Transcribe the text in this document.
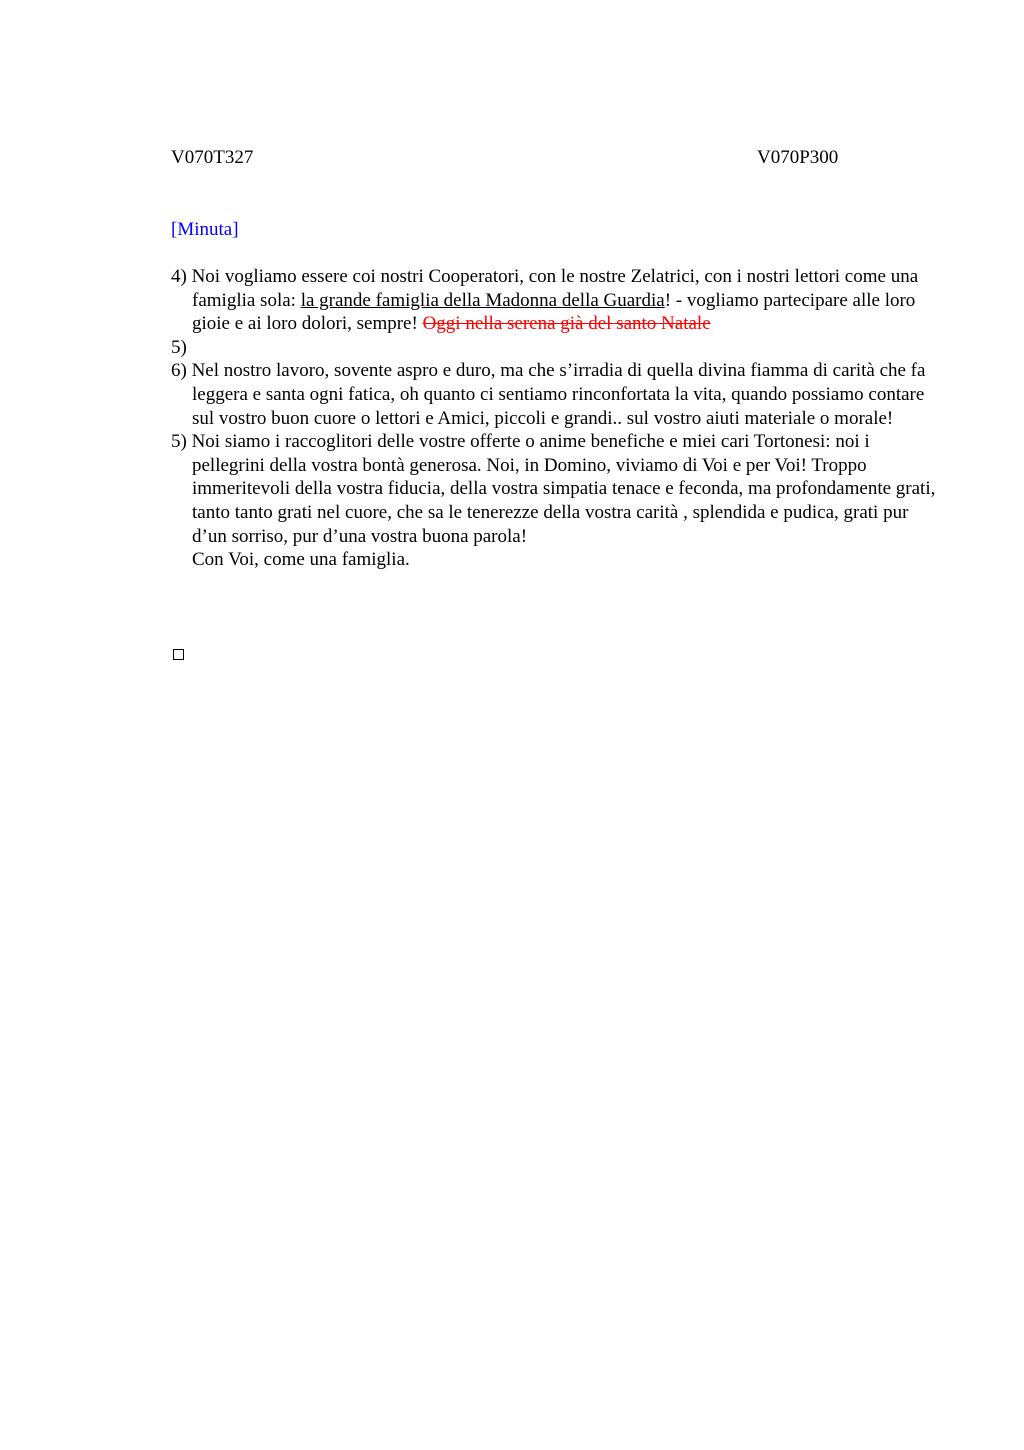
V070T327	V070P300
[Minuta]

4) Noi vogliamo essere coi nostri Cooperatori, con le nostre Zelatrici, con i nostri lettori come una famiglia sola: la grande famiglia della Madonna della Guardia! - vogliamo partecipare alle loro gioie e ai loro dolori, sempre! Oggi nella serena già del santo Natale

5)

6) Nel nostro lavoro, sovente aspro e duro, ma che s’irradia di quella divina fiamma di carità che fa leggera e santa ogni fatica, oh quanto ci sentiamo rinconfortata la vita, quando possiamo contare sul vostro buon cuore o lettori e Amici, piccoli e grandi.. sul vostro aiuti materiale o morale!

5) Noi siamo i raccoglitori delle vostre offerte o anime benefiche e miei cari Tortonesi: noi i pellegrini della vostra bontà generosa. Noi, in Domino, viviamo di Voi e per Voi! Troppo immeritevoli della vostra fiducia, della vostra simpatia tenace e feconda, ma profondamente grati, tanto tanto grati nel cuore, che sa le tenerezze della vostra carità , splendida e pudica, grati pur d’un sorriso, pur d’una vostra buona parola!

Con Voi, come una famiglia.
